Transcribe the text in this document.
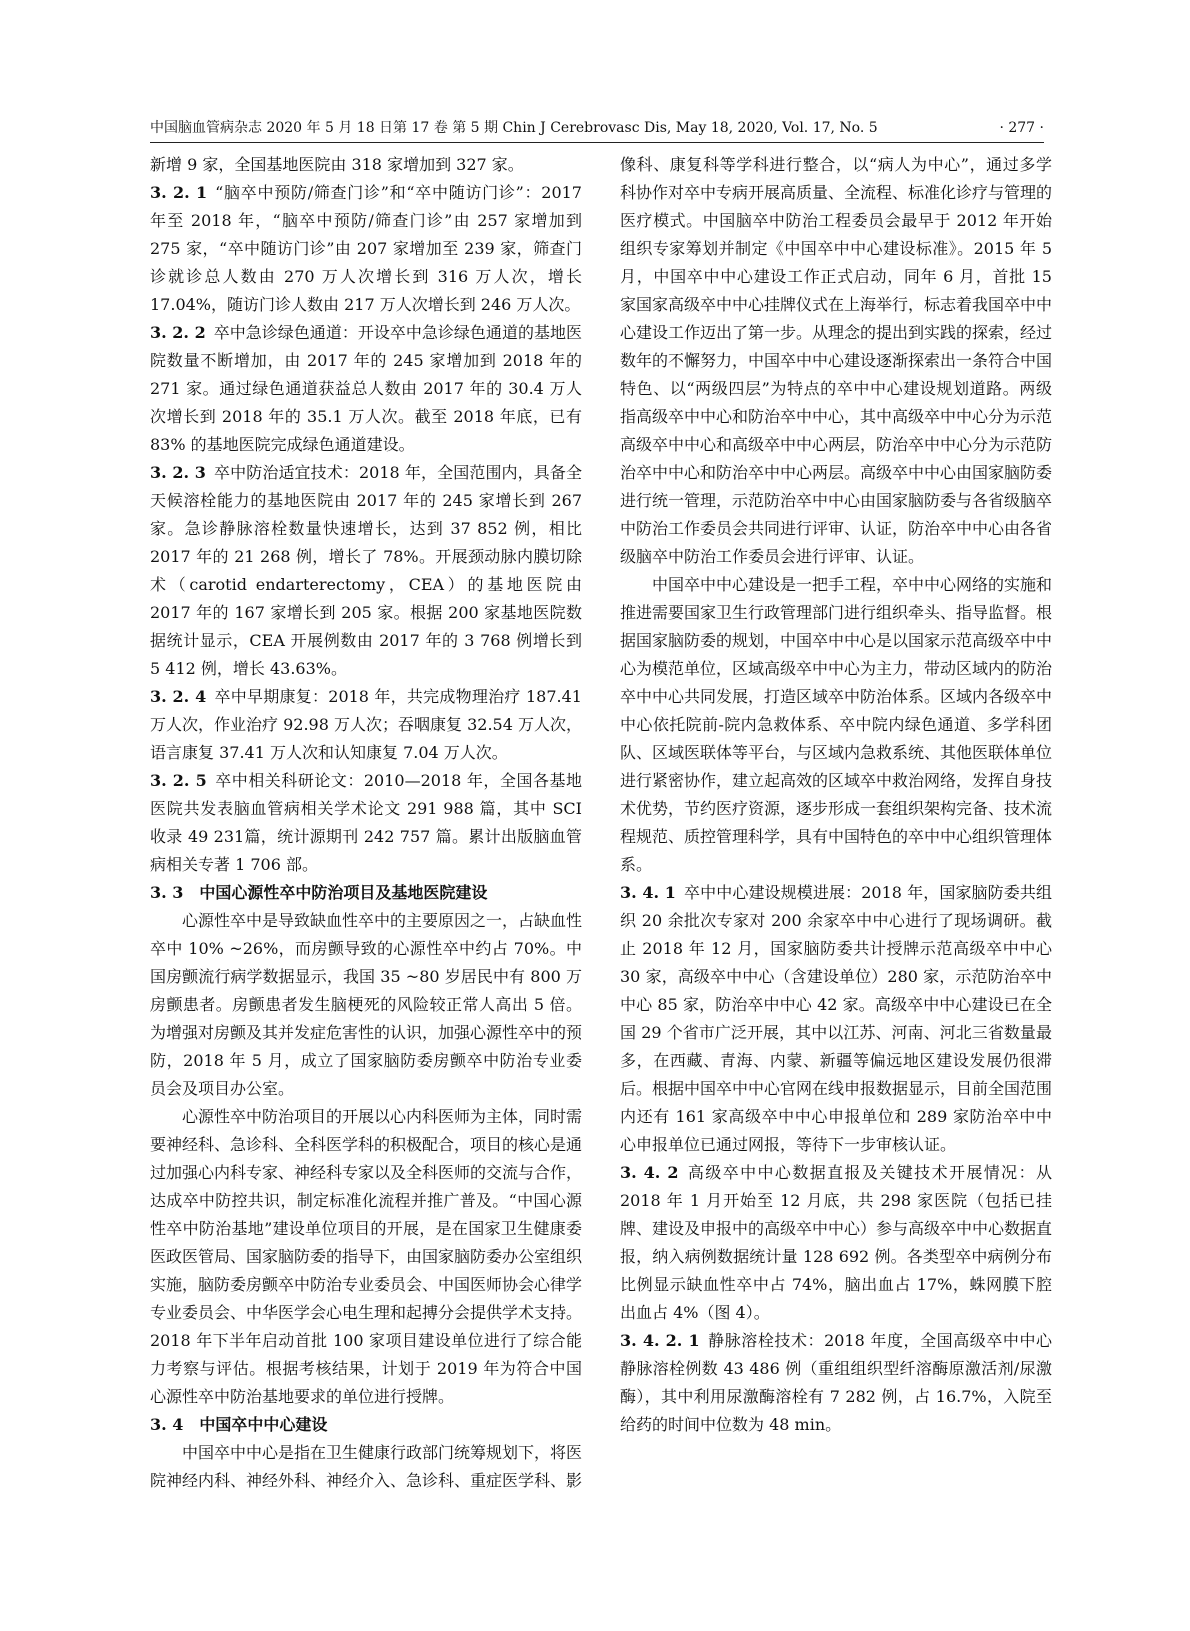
中国脑血管病杂志 2020 年 5 月 18 日第 17 卷 第 5 期 Chin J Cerebrovasc Dis, May 18, 2020, Vol. 17, No. 5	· 277 ·

新增 9 家，全国基地医院由 318 家增加到 327 家。

3. 2. 1 “脑卒中预防/筛查门诊”和“卒中随访门诊”：2017 年至 2018 年，“脑卒中预防/筛查门诊”由 257 家增加到 275 家，“卒中随访门诊”由 207 家增加至 239 家，筛查门诊就诊总人数由 270 万人次增长到 316 万人次，增长 17.04%，随访门诊人数由 217 万人次增长到 246 万人次。

3. 2. 2 卒中急诊绿色通道：开设卒中急诊绿色通道的基地医院数量不断增加，由 2017 年的 245 家增加到 2018 年的 271 家。通过绿色通道获益总人数由 2017 年的 30.4 万人次增长到 2018 年的 35.1 万人次。截至 2018 年底，已有 83% 的基地医院完成绿色通道建设。

3. 2. 3 卒中防治适宜技术：2018 年，全国范围内，具备全天候溶栓能力的基地医院由 2017 年的 245 家增长到 267 家。急诊静脉溶栓数量快速增长，达到 37 852 例，相比 2017 年的 21 268 例，增长了 78%。开展颈动脉内膜切除术（carotid endarterectomy，CEA）的基地医院由 2017 年的 167 家增长到 205 家。根据 200 家基地医院数据统计显示，CEA 开展例数由 2017 年的 3 768 例增长到 5 412 例，增长 43.63%。

3. 2. 4 卒中早期康复：2018 年，共完成物理治疗 187.41 万人次，作业治疗 92.98 万人次；吞咽康复 32.54 万人次，语言康复 37.41 万人次和认知康复 7.04 万人次。

3. 2. 5 卒中相关科研论文：2010—2018 年，全国各基地医院共发表脑血管病相关学术论文 291 988 篇，其中 SCI 收录 49 231篇，统计源期刊 242 757 篇。累计出版脑血管病相关专著 1 706 部。

3. 3 中国心源性卒中防治项目及基地医院建设

心源性卒中是导致缺血性卒中的主要原因之一，占缺血性卒中 10% ~26%，而房颤导致的心源性卒中约占 70%。中国房颤流行病学数据显示，我国 35 ~80 岁居民中有 800 万房颤患者。房颤患者发生脑梗死的风险较正常人高出 5 倍。为增强对房颤及其并发症危害性的认识，加强心源性卒中的预防，2018 年 5 月，成立了国家脑防委房颤卒中防治专业委员会及项目办公室。

心源性卒中防治项目的开展以心内科医师为主体，同时需要神经科、急诊科、全科医学科的积极配合，项目的核心是通过加强心内科专家、神经科专家以及全科医师的交流与合作，达成卒中防控共识，制定标准化流程并推广普及。“中国心源性卒中防治基地”建设单位项目的开展，是在国家卫生健康委医政医管局、国家脑防委的指导下，由国家脑防委办公室组织实施，脑防委房颤卒中防治专业委员会、中国医师协会心律学专业委员会、中华医学会心电生理和起搏分会提供学术支持。2018 年下半年启动首批 100 家项目建设单位进行了综合能力考察与评估。根据考核结果，计划于 2019 年为符合中国心源性卒中防治基地要求的单位进行授牌。

3. 4 中国卒中中心建设

中国卒中中心是指在卫生健康行政部门统筹规划下，将医院神经内科、神经外科、神经介入、急诊科、重症医学科、影

像科、康复科等学科进行整合，以“病人为中心”，通过多学科协作对卒中专病开展高质量、全流程、标准化诊疗与管理的医疗模式。中国脑卒中防治工程委员会最早于 2012 年开始组织专家筹划并制定《中国卒中中心建设标准》。2015 年 5 月，中国卒中中心建设工作正式启动，同年 6 月，首批 15 家国家高级卒中中心挂牌仪式在上海举行，标志着我国卒中中心建设工作迈出了第一步。从理念的提出到实践的探索，经过数年的不懈努力，中国卒中中心建设逐渐探索出一条符合中国特色、以“两级四层”为特点的卒中中心建设规划道路。两级指高级卒中中心和防治卒中中心，其中高级卒中中心分为示范高级卒中中心和高级卒中中心两层，防治卒中中心分为示范防治卒中中心和防治卒中中心两层。高级卒中中心由国家脑防委进行统一管理，示范防治卒中中心由国家脑防委与各省级脑卒中防治工作委员会共同进行评审、认证，防治卒中中心由各省级脑卒中防治工作委员会进行评审、认证。

中国卒中中心建设是一把手工程，卒中中心网络的实施和推进需要国家卫生行政管理部门进行组织牵头、指导监督。根据国家脑防委的规划，中国卒中中心是以国家示范高级卒中中心为模范单位，区域高级卒中中心为主力，带动区域内的防治卒中中心共同发展，打造区域卒中防治体系。区域内各级卒中中心依托院前-院内急救体系、卒中院内绿色通道、多学科团队、区域医联体等平台，与区域内急救系统、其他医联体单位进行紧密协作，建立起高效的区域卒中救治网络，发挥自身技术优势，节约医疗资源，逐步形成一套组织架构完备、技术流程规范、质控管理科学，具有中国特色的卒中中心组织管理体系。

3. 4. 1 卒中中心建设规模进展：2018 年，国家脑防委共组织 20 余批次专家对 200 余家卒中中心进行了现场调研。截止 2018 年 12 月，国家脑防委共计授牌示范高级卒中中心 30 家，高级卒中中心（含建设单位）280 家，示范防治卒中中心 85 家，防治卒中中心 42 家。高级卒中中心建设已在全国 29 个省市广泛开展，其中以江苏、河南、河北三省数量最多，在西藏、青海、内蒙、新疆等偏远地区建设发展仍很滞后。根据中国卒中中心官网在线申报数据显示，目前全国范围内还有 161 家高级卒中中心申报单位和 289 家防治卒中中心申报单位已通过网报，等待下一步审核认证。

3. 4. 2 高级卒中中心数据直报及关键技术开展情况：从 2018 年 1 月开始至 12 月底，共 298 家医院（包括已挂牌、建设及申报中的高级卒中中心）参与高级卒中中心数据直报，纳入病例数据统计量 128 692 例。各类型卒中病例分布比例显示缺血性卒中占 74%，脑出血占 17%，蛛网膜下腔出血占 4%（图 4）。

3. 4. 2. 1 静脉溶栓技术：2018 年度，全国高级卒中中心静脉溶栓例数 43 486 例（重组组织型纤溶酶原激活剂/尿激酶），其中利用尿激酶溶栓有 7 282 例，占 16.7%，入院至给药的时间中位数为 48 min。
